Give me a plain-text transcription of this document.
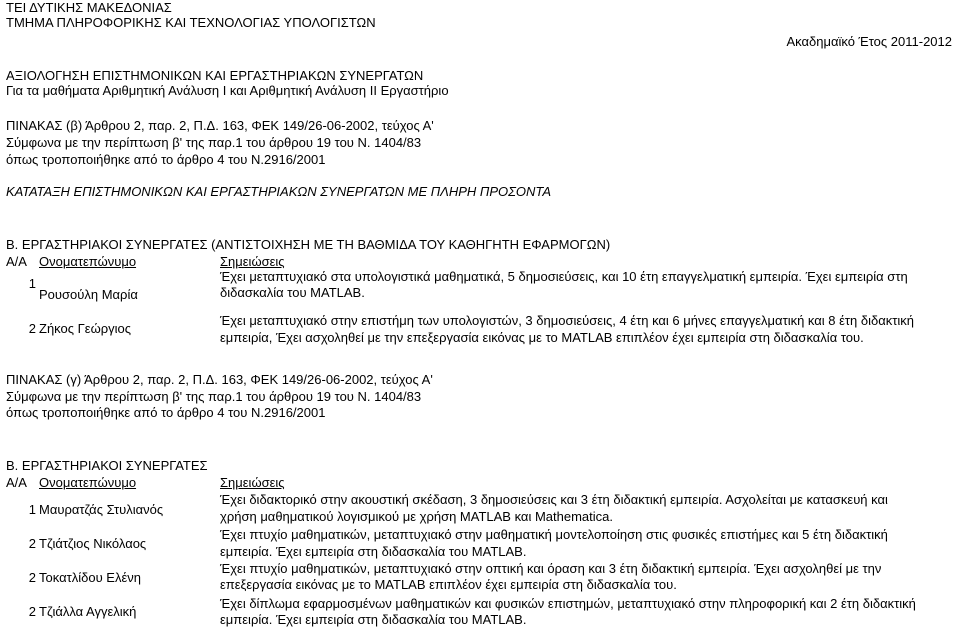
ΤΕΙ ΔΥΤΙΚΗΣ ΜΑΚΕΔΟΝΙΑΣ
ΤΜΗΜΑ ΠΛΗΡΟΦΟΡΙΚΗΣ ΚΑΙ ΤΕΧΝΟΛΟΓΙΑΣ ΥΠΟΛΟΓΙΣΤΩΝ
Ακαδημαϊκό Έτος 2011-2012
ΑΞΙΟΛΟΓΗΣΗ ΕΠΙΣΤΗΜΟΝΙΚΩΝ ΚΑΙ ΕΡΓΑΣΤΗΡΙΑΚΩΝ ΣΥΝΕΡΓΑΤΩΝ
Για τα μαθήματα Αριθμητική Ανάλυση Ι και Αριθμητική Ανάλυση ΙΙ Εργαστήριο
ΠΙΝΑΚΑΣ (β) Άρθρου 2, παρ. 2, Π.Δ. 163, ΦΕΚ 149/26-06-2002, τεύχος Α'
Σύμφωνα με την περίπτωση β' της παρ.1 του άρθρου 19 του Ν. 1404/83
όπως τροποποιήθηκε από το άρθρο 4 του Ν.2916/2001
ΚΑΤΑΤΑΞΗ ΕΠΙΣΤΗΜΟΝΙΚΩΝ ΚΑΙ ΕΡΓΑΣΤΗΡΙΑΚΩΝ ΣΥΝΕΡΓΑΤΩΝ ΜΕ ΠΛΗΡΗ ΠΡΟΣΟΝΤΑ
Β. ΕΡΓΑΣΤΗΡΙΑΚΟΙ ΣΥΝΕΡΓΑΤΕΣ (ΑΝΤΙΣΤΟΙΧΗΣΗ ΜΕ ΤΗ ΒΑΘΜΙΔΑ ΤΟΥ ΚΑΘΗΓΗΤΗ ΕΦΑΡΜΟΓΩΝ)
Α/Α Ονοματεπώνυμο	Σημειώσεις
1
Ρουσούλη Μαρία
Έχει μεταπτυχιακό στα υπολογιστικά μαθηματικά, 5 δημοσιεύσεις, και 10 έτη επαγγελματική εμπειρία. Έχει εμπειρία στη
διδασκαλία του MATLAB.
2 Ζήκος Γεώργιος
Έχει μεταπτυχιακό στην επιστήμη των υπολογιστών, 3 δημοσιεύσεις, 4 έτη και 6 μήνες επαγγελματική και 8 έτη διδακτική
εμπειρία, Έχει ασχοληθεί με την επεξεργασία εικόνας με το MATLAB επιπλέον έχει εμπειρία στη διδασκαλία του.
ΠΙΝΑΚΑΣ (γ) Άρθρου 2, παρ. 2, Π.Δ. 163, ΦΕΚ 149/26-06-2002, τεύχος Α'
Σύμφωνα με την περίπτωση β' της παρ.1 του άρθρου 19 του Ν. 1404/83
όπως τροποποιήθηκε από το άρθρο 4 του Ν.2916/2001
Β. ΕΡΓΑΣΤΗΡΙΑΚΟΙ ΣΥΝΕΡΓΑΤΕΣ
Α/Α Ονοματεπώνυμο	Σημειώσεις
1 Μαυρατζάς Στυλιανός
Έχει διδακτορικό στην ακουστική σκέδαση, 3 δημοσιεύσεις και 3 έτη διδακτική εμπειρία. Ασχολείται με κατασκευή και
χρήση μαθηματικού λογισμικού με χρήση MATLAB και Mathematica.
2 Τζιάτζιος Νικόλαος
Έχει πτυχίο μαθηματικών, μεταπτυχιακό στην μαθηματική μοντελοποίηση στις φυσικές επιστήμες και 5 έτη διδακτική
εμπειρία. Έχει εμπειρία στη διδασκαλία του MATLAB.
2 Τοκατλίδου Ελένη
Έχει πτυχίο μαθηματικών, μεταπτυχιακό στην οπτική και όραση και 3 έτη διδακτική εμπειρία. Έχει ασχοληθεί με την
επεξεργασία εικόνας με το MATLAB επιπλέον έχει εμπειρία στη διδασκαλία του.
2 Τζιάλλα Αγγελική
Έχει δίπλωμα εφαρμοσμένων μαθηματικών και φυσικών επιστημών, μεταπτυχιακό στην πληροφορική και 2 έτη διδακτική
εμπειρία. Έχει εμπειρία στη διδασκαλία του MATLAB.
